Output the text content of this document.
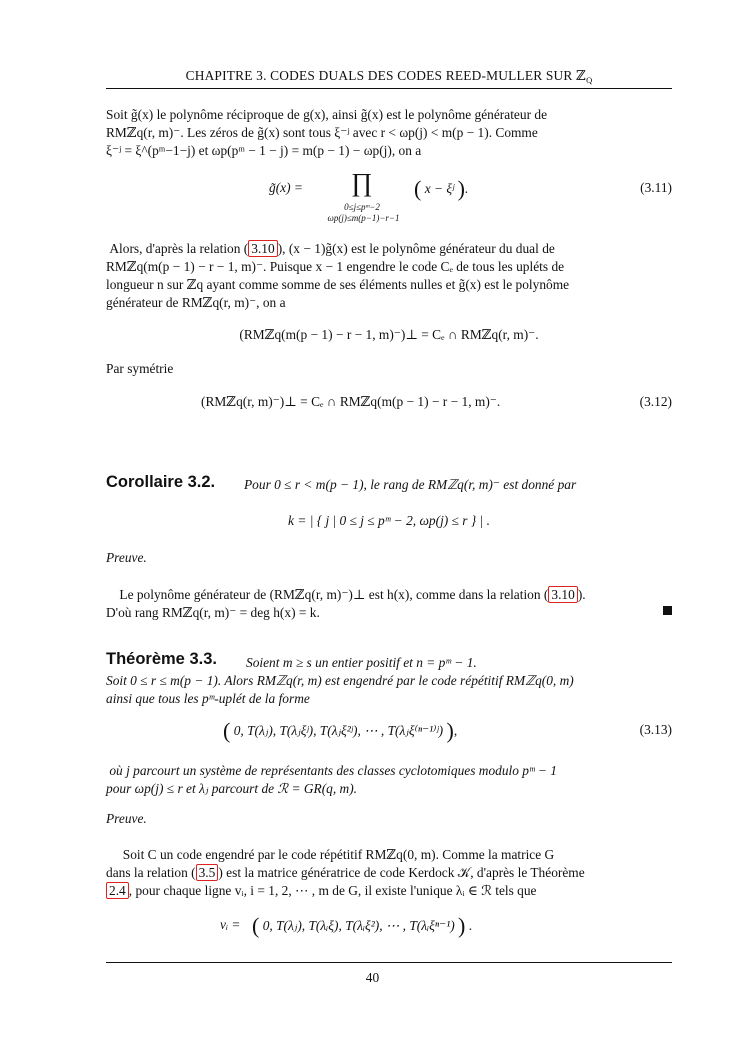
CHAPITRE 3. CODES DUALS DES CODES REED-MULLER SUR ℤ$_Q$
Soit g̃(x) le polynôme réciproque de g(x), ainsi g̃(x) est le polynôme générateur de
RMℤq(r, m)⁻. Les zéros de g̃(x) sont tous ξ⁻ʲ avec r < ωp(j) < m(p − 1). Comme
ξ⁻ʲ = ξ^(pᵐ−1−j) et ωp(pᵐ − 1 − j) = m(p − 1) − ωp(j), on a
g̃(x) = ∏
0≤j≤pᵐ−2
ωp(j)≤m(p−1)−r−1
( x − ξʲ ).	(3.11)
Alors, d'après la relation ( 3.10 ), (x − 1)g̃(x) est le polynôme générateur du dual de
RMℤq(m(p − 1) − r − 1, m)⁻. Puisque x − 1 engendre le code Cₑ de tous les upléts de
longueur n sur ℤq ayant comme somme de ses éléments nulles et g̃(x) est le polynôme
générateur de RMℤq(r, m)⁻, on a
(RMℤq(m(p − 1) − r − 1, m)⁻)⊥ = Cₑ ∩ RMℤq(r, m)⁻.
Par symétrie
(RMℤq(r, m)⁻)⊥ = Cₑ ∩ RMℤq(m(p − 1) − r − 1, m)⁻.	(3.12)
Corollaire 3.2. Pour 0 ≤ r < m(p − 1), le rang de RMℤq(r, m)⁻ est donné par
k = | { j | 0 ≤ j ≤ pᵐ − 2, ωp(j) ≤ r } | .
Preuve.
Le polynôme générateur de (RMℤq(r, m)⁻)⊥ est h(x), comme dans la relation ( 3.10 ).
D'où rang RMℤq(r, m)⁻ = deg h(x) = k.
Théorème 3.3. Soient m ≥ s un entier positif et n = pᵐ − 1.
Soit 0 ≤ r ≤ m(p − 1). Alors RMℤq(r, m) est engendré par le code répétitif RMℤq(0, m)
ainsi que tous les pᵐ-uplét de la forme
( 0, T(λⱼ), T(λⱼξʲ), T(λⱼξ²ʲ), ⋯ , T(λⱼξ⁽ⁿ⁻¹⁾ʲ) ),	(3.13)
où j parcourt un système de représentants des classes cyclotomiques modulo pᵐ − 1
pour ωp(j) ≤ r et λⱼ parcourt de ℛ = GR(q, m).
Preuve.
Soit C un code engendré par le code répétitif RMℤq(0, m). Comme la matrice G
dans la relation ( 3.5 ) est la matrice génératrice de code Kerdock 𝒦, d'après le Théorème
2.4 , pour chaque ligne vᵢ, i = 1, 2, ⋯ , m de G, il existe l'unique λᵢ ∈ ℛ tels que
vᵢ = ( 0, T(λⱼ), T(λᵢξ), T(λᵢξ²), ⋯ , T(λᵢξⁿ⁻¹) ) .
40
